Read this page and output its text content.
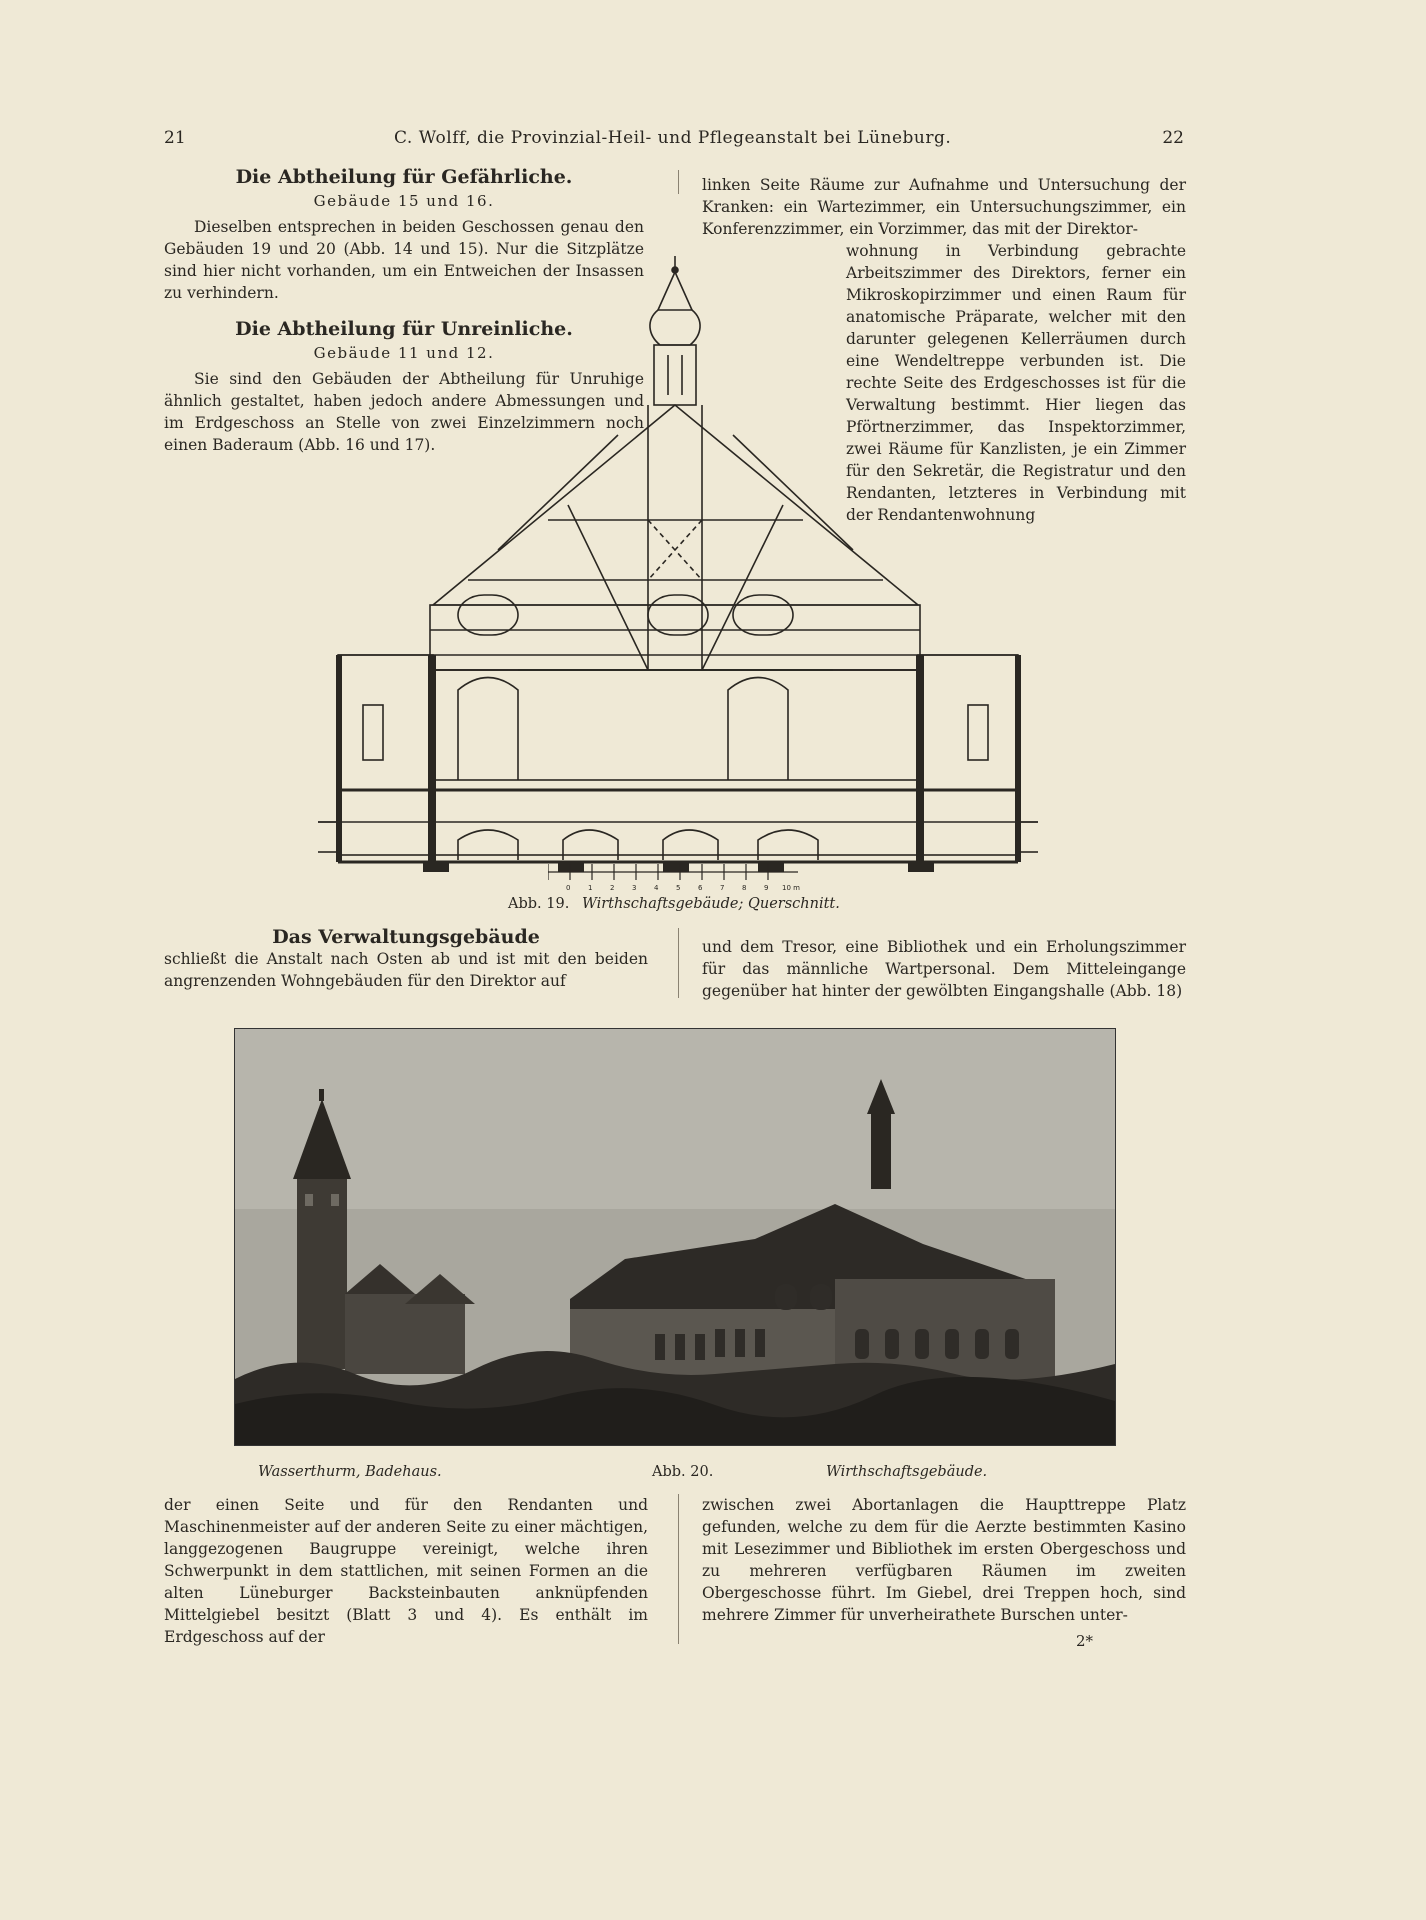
21	C. Wolff, die Provinzial-Heil- und Pflegeanstalt bei Lüneburg.	22
Die Abtheilung für Gefährliche.
Gebäude 15 und 16.

Dieselben entsprechen in beiden Geschossen genau den Gebäuden 19 und 20 (Abb. 14 und 15). Nur die Sitzplätze sind hier nicht vorhanden, um ein Entweichen der Insassen zu verhindern.

Die Abtheilung für Unreinliche.
Gebäude 11 und 12.

Sie sind den Gebäuden der Abtheilung für Unruhige ähnlich gestaltet, haben jedoch andere Abmessungen und im Erdgeschoss an Stelle von zwei Einzelzimmern noch einen Baderaum (Abb. 16 und 17).

linken Seite Räume zur Aufnahme und Untersuchung der Kranken: ein Wartezimmer, ein Untersuchungszimmer, ein Konferenzzimmer, ein Vorzimmer, das mit der Direktor-

wohnung in Verbindung gebrachte Arbeitszimmer des Direktors, ferner ein Mikroskopirzimmer und einen Raum für anatomische Präparate, welcher mit den darunter gelegenen Kellerräumen durch eine Wendeltreppe verbunden ist. Die rechte Seite des Erdgeschosses ist für die Verwaltung bestimmt. Hier liegen das Pförtnerzimmer, das Inspektorzimmer, zwei Räume für Kanzlisten, je ein Zimmer für den Sekretär, die Registratur und den Rendanten, letzteres in Verbindung mit der Rendantenwohnung

0	1	2	3	4	5	6	7	8	9 10 m
Abb. 19. Wirthschaftsgebäude; Querschnitt.
Das Verwaltungsgebäude

schließt die Anstalt nach Osten ab und ist mit den beiden angrenzenden Wohngebäuden für den Direktor auf

und dem Tresor, eine Bibliothek und ein Erholungszimmer für das männliche Wartpersonal. Dem Mitteleingange gegenüber hat hinter der gewölbten Eingangshalle (Abb. 18)

Wasserthurm, Badehaus.	Abb. 20.	Wirthschaftsgebäude.

der einen Seite und für den Rendanten und Maschinenmeister auf der anderen Seite zu einer mächtigen, langgezogenen Baugruppe vereinigt, welche ihren Schwerpunkt in dem stattlichen, mit seinen Formen an die alten Lüneburger Backsteinbauten anknüpfenden Mittelgiebel besitzt (Blatt 3 und 4). Es enthält im Erdgeschoss auf der

zwischen zwei Abortanlagen die Haupttreppe Platz gefunden, welche zu dem für die Aerzte bestimmten Kasino mit Lesezimmer und Bibliothek im ersten Obergeschoss und zu mehreren verfügbaren Räumen im zweiten Obergeschosse führt. Im Giebel, drei Treppen hoch, sind mehrere Zimmer für unverheirathete Burschen unter-

2*
